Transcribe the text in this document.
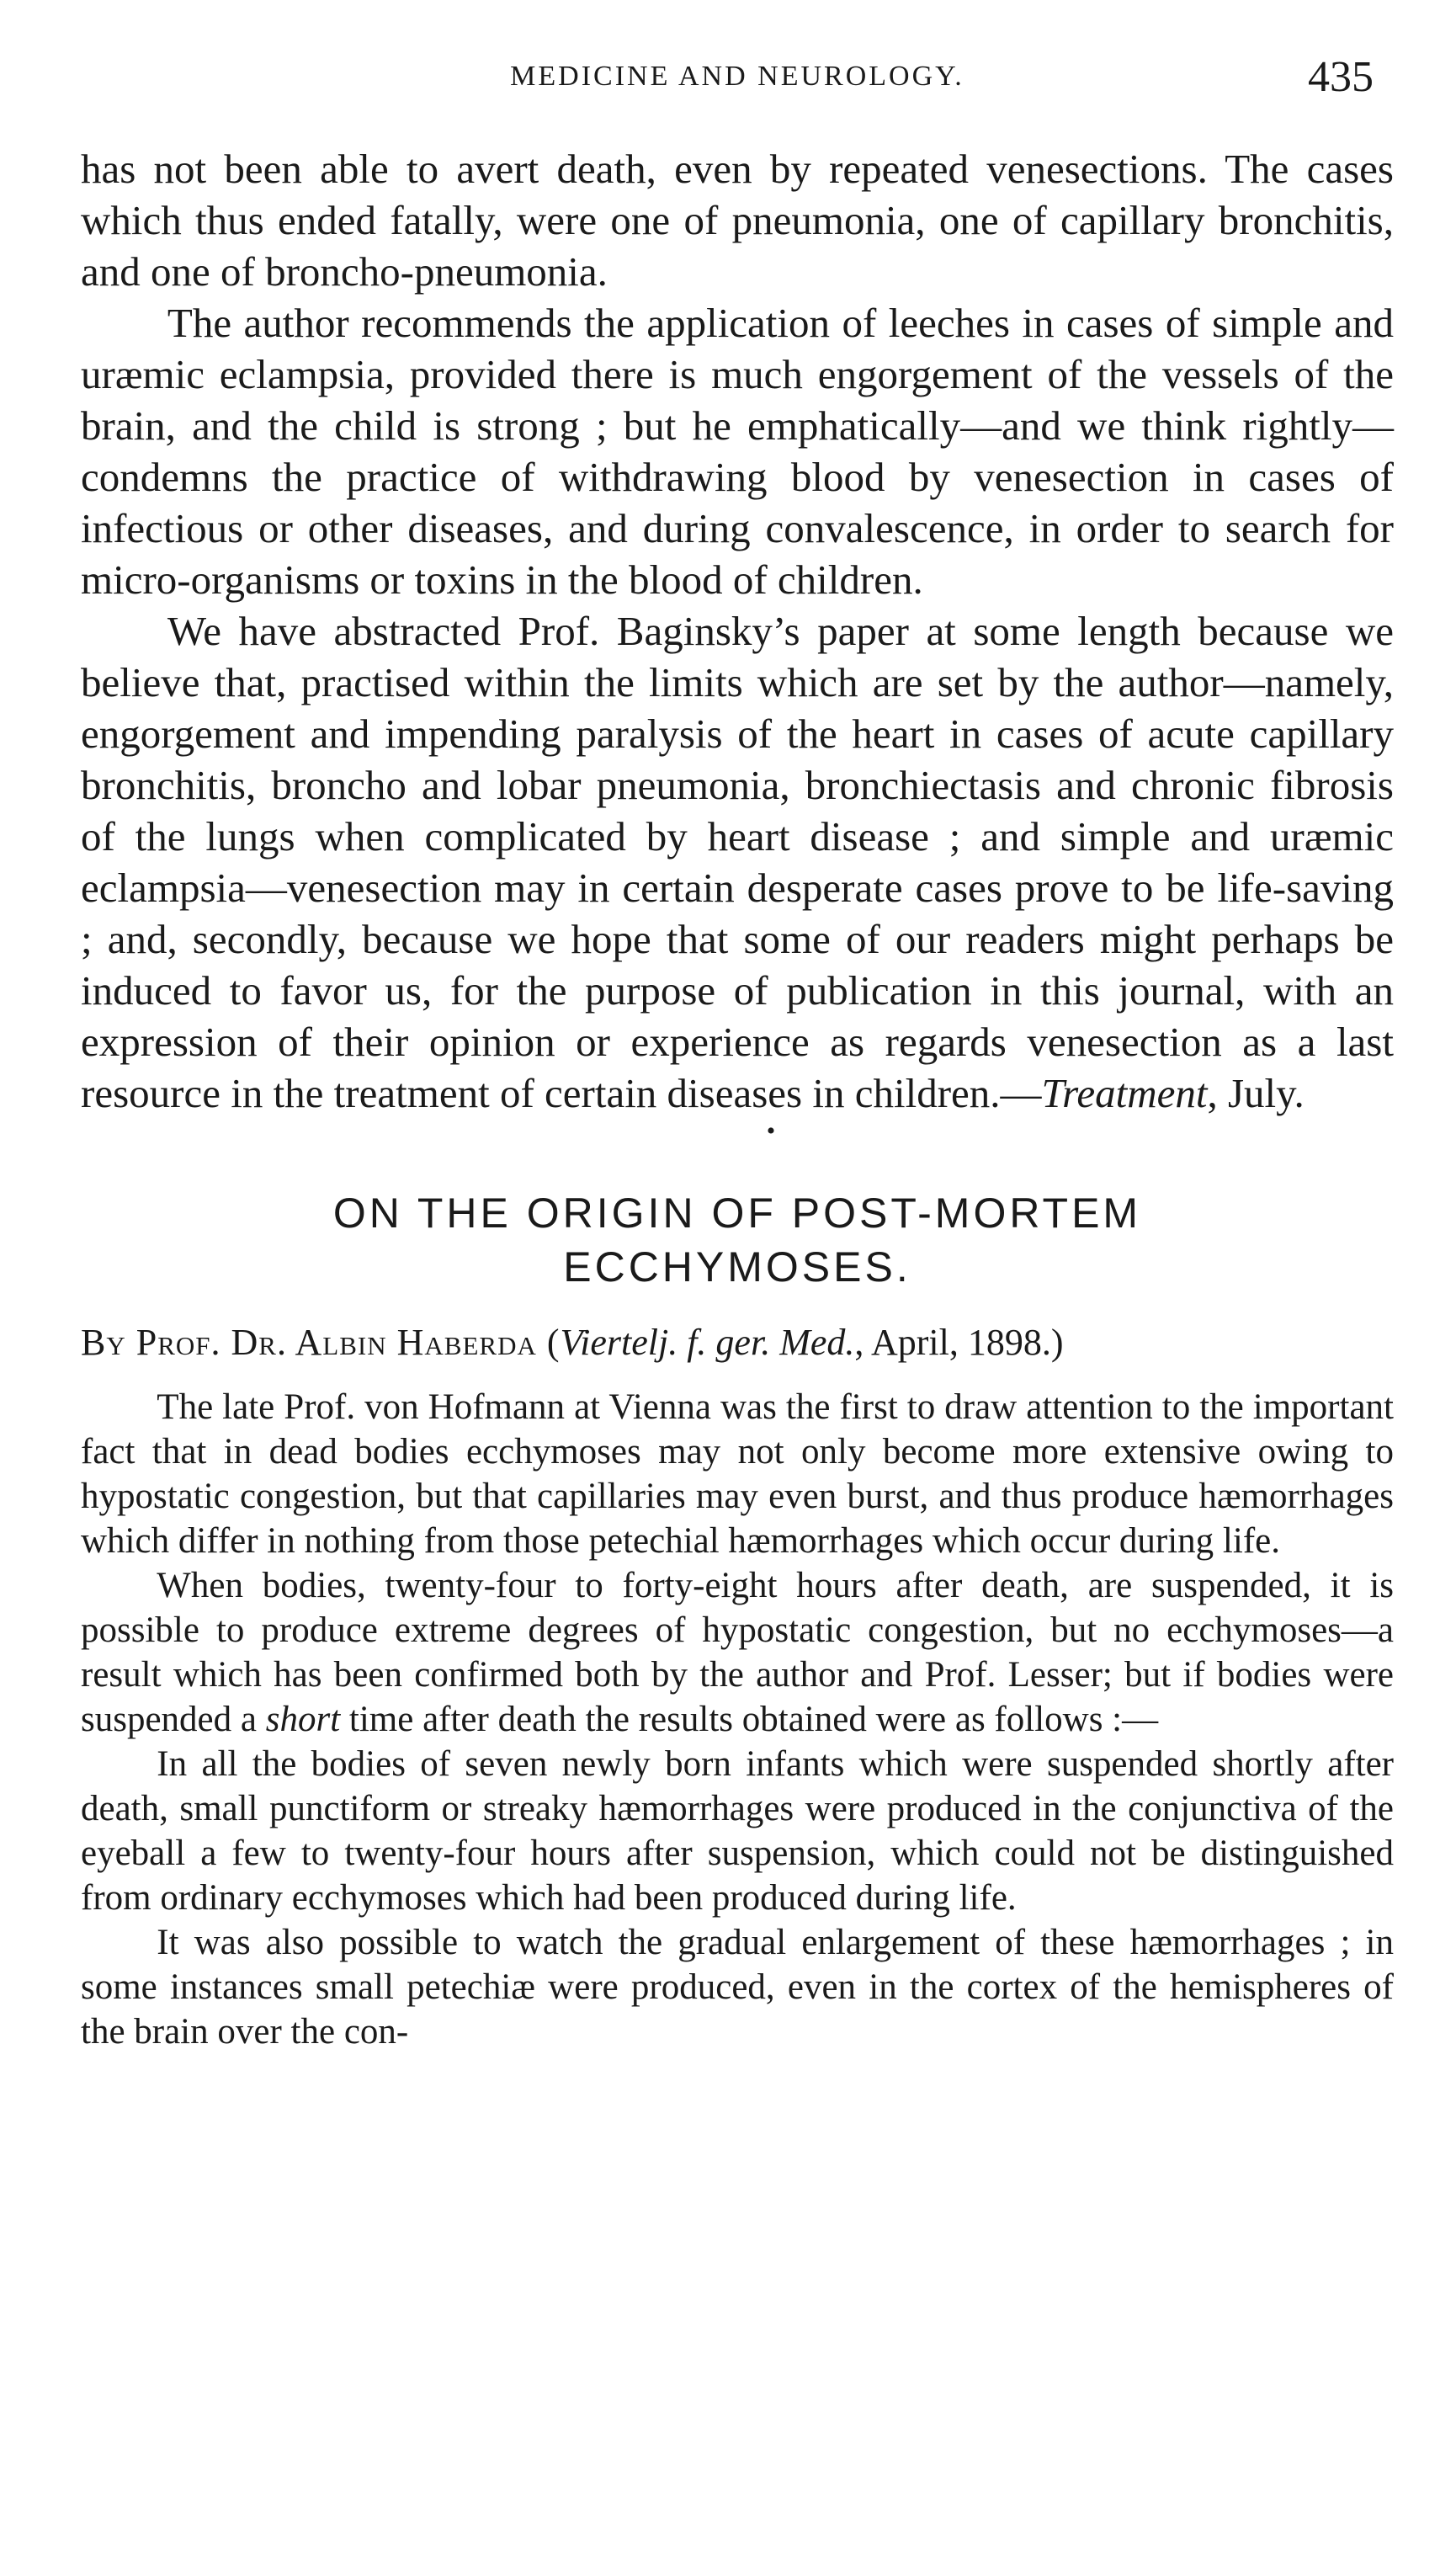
MEDICINE AND NEUROLOGY.	435

has not been able to avert death, even by repeated venesections. The cases which thus ended fatally, were one of pneumonia, one of capillary bronchitis, and one of broncho-pneumonia.

The author recommends the application of leeches in cases of simple and uræmic eclampsia, provided there is much engorgement of the vessels of the brain, and the child is strong ; but he emphatically—and we think rightly—condemns the practice of withdrawing blood by venesection in cases of infectious or other diseases, and during convalescence, in order to search for micro-organisms or toxins in the blood of children.

We have abstracted Prof. Baginsky’s paper at some length because we believe that, practised within the limits which are set by the author—namely, engorgement and impending paralysis of the heart in cases of acute capillary bronchitis, broncho and lobar pneumonia, bronchiectasis and chronic fibrosis of the lungs when complicated by heart disease ; and simple and uræmic eclampsia—venesection may in certain desperate cases prove to be life-saving ; and, secondly, because we hope that some of our readers might perhaps be induced to favor us, for the purpose of publication in this journal, with an expression of their opinion or experience as regards venesection as a last resource in the treatment of certain diseases in children.—Treatment, July.

•
ON THE ORIGIN OF POST-MORTEM
ECCHYMOSES.
By Prof. Dr. Albin Haberda (Viertelj. f. ger. Med., April, 1898.)

The late Prof. von Hofmann at Vienna was the first to draw attention to the important fact that in dead bodies ecchymoses may not only become more extensive owing to hypostatic congestion, but that capillaries may even burst, and thus produce hæmorrhages which differ in nothing from those petechial hæmorrhages which occur during life.

When bodies, twenty-four to forty-eight hours after death, are suspended, it is possible to produce extreme degrees of hypostatic congestion, but no ecchymoses—a result which has been confirmed both by the author and Prof. Lesser; but if bodies were suspended a short time after death the results obtained were as follows :—

In all the bodies of seven newly born infants which were suspended shortly after death, small punctiform or streaky hæmorrhages were produced in the conjunctiva of the eyeball a few to twenty-four hours after suspension, which could not be distinguished from ordinary ecchymoses which had been produced during life.

It was also possible to watch the gradual enlargement of these hæmorrhages ; in some instances small petechiæ were produced, even in the cortex of the hemispheres of the brain over the con-
